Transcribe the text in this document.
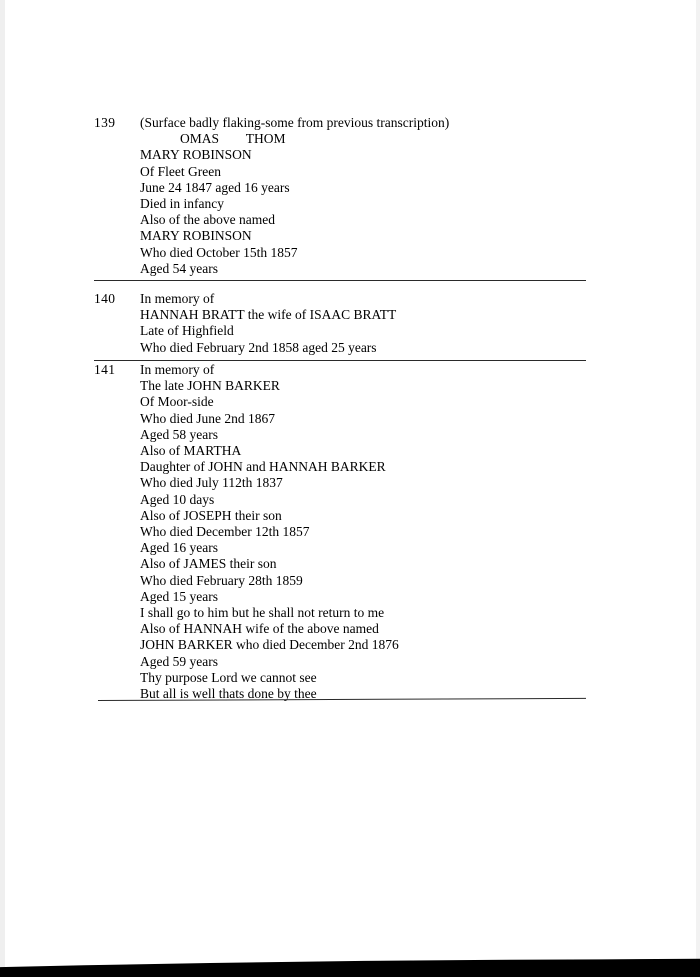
139 (Surface badly flaking-some from previous transcription)
OMAS        THOM
MARY ROBINSON
Of Fleet Green
June 24 1847 aged 16 years
Died in infancy
Also of the above named
MARY ROBINSON
Who died October 15th 1857
Aged 54 years
140 In memory of
HANNAH BRATT the wife of ISAAC BRATT
Late of Highfield
Who died February 2nd 1858 aged 25 years
141 In memory of
The late JOHN BARKER
Of Moor-side
Who died June 2nd 1867
Aged 58 years
Also of MARTHA
Daughter of JOHN and HANNAH BARKER
Who died July 112th 1837
Aged 10 days
Also of JOSEPH their son
Who died December 12th 1857
Aged 16 years
Also of JAMES their son
Who died February 28th 1859
Aged 15 years
I shall go to him but he shall not return to me
Also of HANNAH wife of the above named
JOHN BARKER who died December 2nd 1876
Aged 59 years
Thy purpose Lord we cannot see
But all is well thats done by thee
